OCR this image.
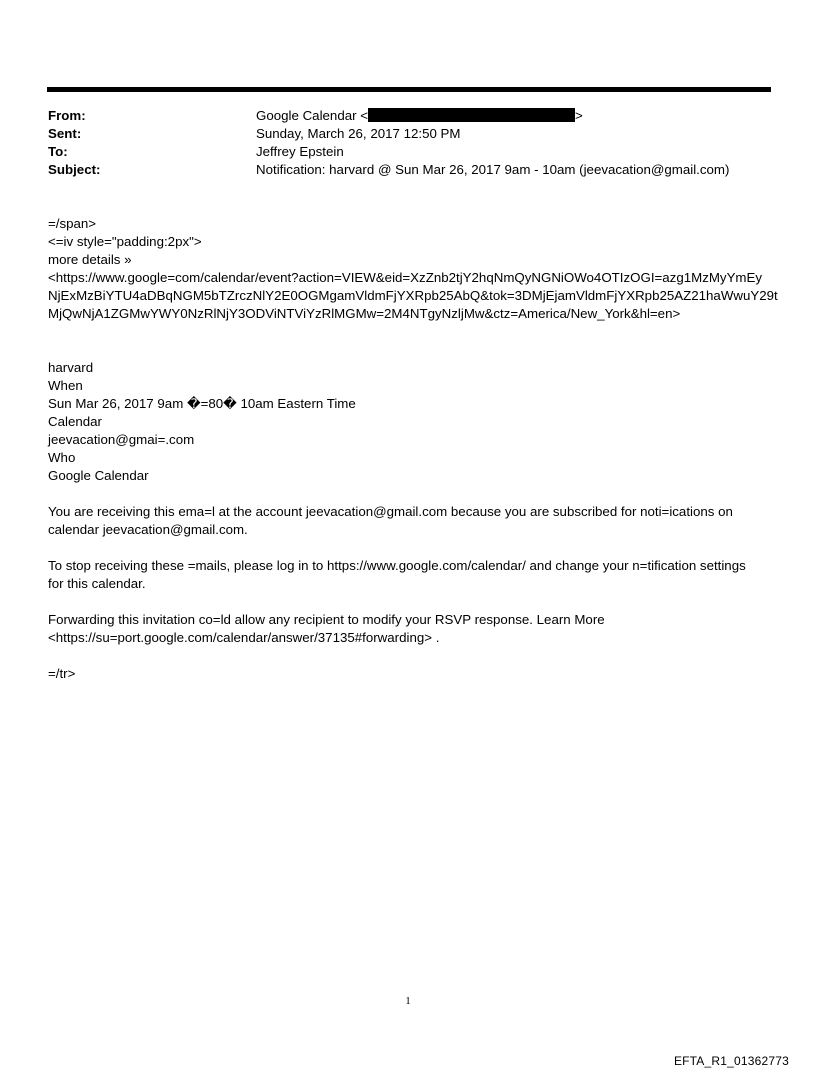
From:	Google Calendar <	>
Sent:	Sunday, March 26, 2017 12:50 PM
To:	Jeffrey Epstein
Subject:	Notification: harvard @ Sun Mar 26, 2017 9am - 10am (jeevacation@gmail.com)
=/span>
<=iv style="padding:2px">
more details »
<https://www.google=com/calendar/event?action=VIEW&eid=XzZnb2tjY2hqNmQyNGNiOWo4OTIzOGI=azg1MzMyYmEy
NjExMzBiYTU4aDBqNGM5bTZrczNlY2E0OGMgamVldmFjYXRpb25AbQ&tok=3DMjEjamVldmFjYXRpb25AZ21haWwuY29t
MjQwNjA1ZGMwYWY0NzRlNjY3ODViNTViYzRlMGMw=2M4NTgyNzljMw&ctz=America/New_York&hl=en>
harvard
When
Sun Mar 26, 2017 9am �=80� 10am Eastern Time
Calendar
jeevacation@gmai=.com
Who
Google Calendar
You are receiving this ema=l at the account jeevacation@gmail.com because you are subscribed for noti=ications on
calendar jeevacation@gmail.com.
To stop receiving these =mails, please log in to https://www.google.com/calendar/ and change your n=tification settings
for this calendar.
Forwarding this invitation co=ld allow any recipient to modify your RSVP response. Learn More
<https://su=port.google.com/calendar/answer/37135#forwarding> .
=/tr>
1
EFTA_R1_01362773
